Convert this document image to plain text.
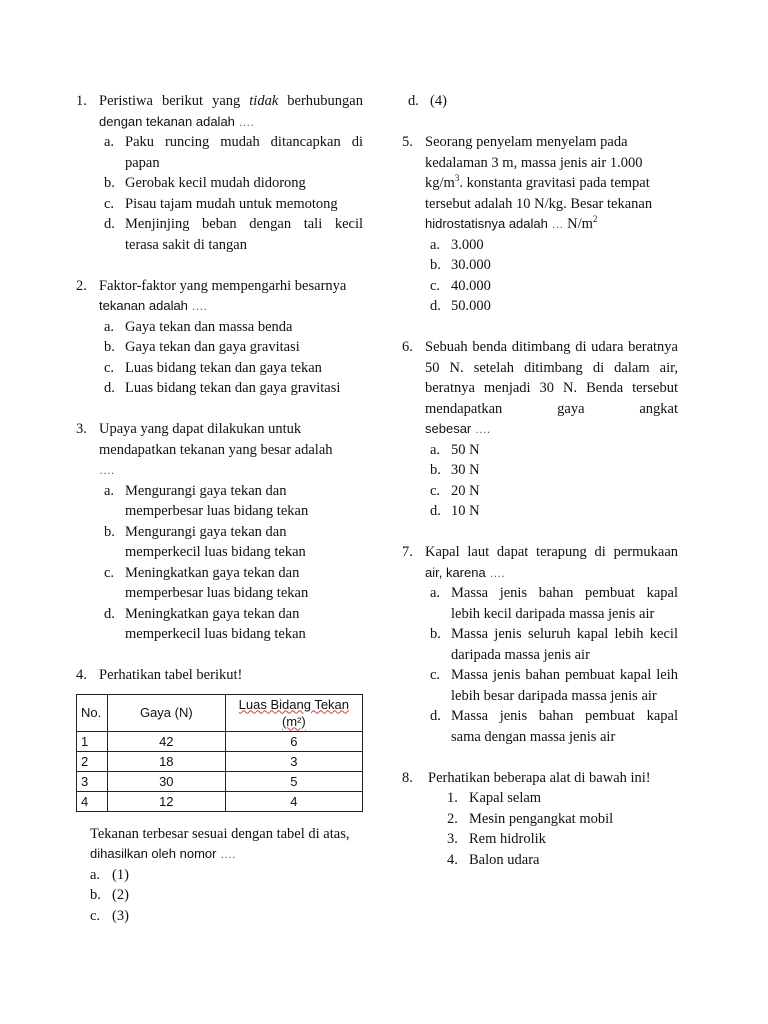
1. Peristiwa berikut yang tidak berhubungan
dengan tekanan adalah ….
a. Paku runcing mudah ditancapkan di papan
b. Gerobak kecil mudah didorong
c. Pisau tajam mudah untuk memotong
d. Menjinjing beban dengan tali kecil terasa sakit di tangan
2. Faktor-faktor yang mempengarhi besarnya
tekanan adalah ….
a. Gaya tekan dan massa benda
b. Gaya tekan dan gaya gravitasi
c. Luas bidang tekan dan gaya tekan
d. Luas bidang tekan dan gaya gravitasi
3. Upaya yang dapat dilakukan untuk
mendapatkan tekanan yang besar adalah
….
a. Mengurangi gaya tekan dan
memperbesar luas bidang tekan
b. Mengurangi gaya tekan dan
memperkecil luas bidang tekan
c. Meningkatkan gaya tekan dan
memperbesar luas bidang tekan
d. Meningkatkan gaya tekan dan
memperkecil luas bidang tekan
4. Perhatikan tabel berikut!
No.	Gaya (N)	Luas Bidang Tekan (m²)
1	42	6
2	18	3
3	30	5
4	12	4
Tekanan terbesar sesuai dengan tabel di atas,
dihasilkan oleh nomor ….
a. (1)
b. (2)
c. (3)
d. (4)
5. Seorang penyelam menyelam pada
kedalaman 3 m, massa jenis air 1.000
$kg/m^3$. konstanta gravitasi pada tempat
tersebut adalah 10 N/kg. Besar tekanan
hidrostatisnya adalah … $N/m^2$
a. 3.000
b. 30.000
c. 40.000
d. 50.000
6. Sebuah benda ditimbang di udara beratnya 50 N. setelah ditimbang di dalam air, beratnya menjadi 30 N. Benda tersebut mendapatkan gaya angkat
sebesar ….
a. 50 N
b. 30 N
c. 20 N
d. 10 N
7. Kapal laut dapat terapung di permukaan
air, karena ….
a. Massa jenis bahan pembuat kapal lebih kecil daripada massa jenis air
b. Massa jenis seluruh kapal lebih kecil daripada massa jenis air
c. Massa jenis bahan pembuat kapal leih lebih besar daripada massa jenis air
d. Massa jenis bahan pembuat kapal sama dengan massa jenis air
8.	Perhatikan beberapa alat di bawah ini!
1. Kapal selam
2. Mesin pengangkat mobil
3. Rem hidrolik
4. Balon udara
